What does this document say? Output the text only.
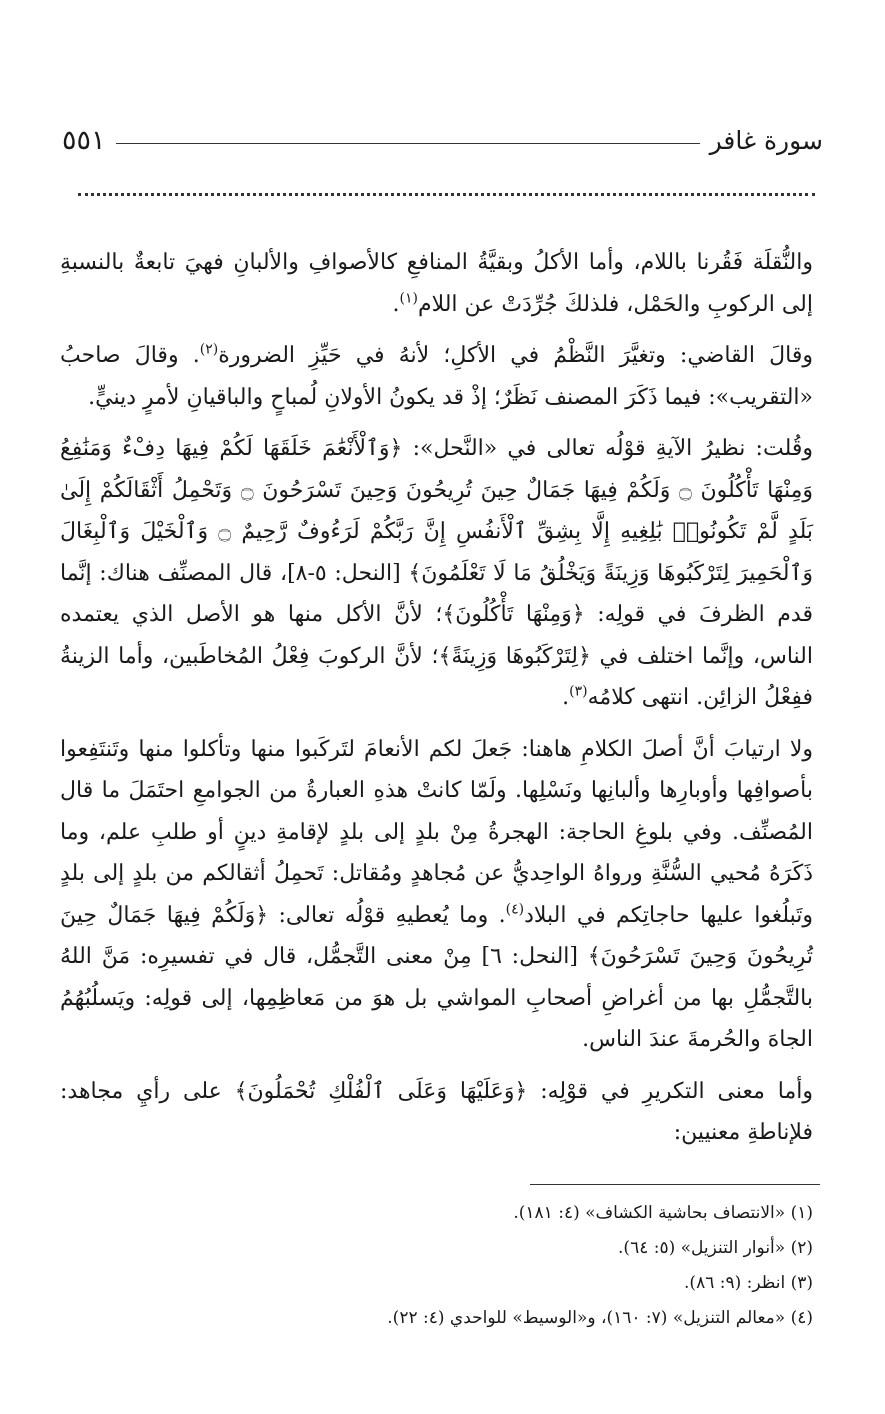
سورة غافر
٥٥١

والنُّقلَة فَقُرنا باللام، وأما الأكلُ وبقيَّةُ المنافعِ كالأصوافِ والألبانِ فهيَ تابعةٌ بالنسبةِ إلى الركوبِ والحَمْل، فلذلكَ جُرِّدَتْ عن اللام$^{(١)}$.

وقالَ القاضي: وتغيَّرَ النَّظْمُ في الأكلِ؛ لأنهُ في حَيِّزِ الضرورة$^{(٢)}$. وقالَ صاحبُ «التقريب»: فيما ذَكَرَ المصنف نَظَرٌ؛ إذْ قد يكونُ الأولانِ لُمباحٍ والباقيانِ لأمرٍ دينيٍّ.

وقُلت: نظيرُ الآيةِ قوْلُه تعالى في «النَّحل»: ﴿وَٱلْأَنْعَٰمَ خَلَقَهَا لَكُمْ فِيهَا دِفْءٌ وَمَنَٰفِعُ وَمِنْهَا تَأْكُلُونَ ۝ وَلَكُمْ فِيهَا جَمَالٌ حِينَ تُرِيحُونَ وَحِينَ تَسْرَحُونَ ۝ وَتَحْمِلُ أَثْقَالَكُمْ إِلَىٰ بَلَدٍ لَّمْ تَكُونُوا۟ بَٰلِغِيهِ إِلَّا بِشِقِّ ٱلْأَنفُسِ إِنَّ رَبَّكُمْ لَرَءُوفٌ رَّحِيمٌ ۝ وَٱلْخَيْلَ وَٱلْبِغَالَ وَٱلْحَمِيرَ لِتَرْكَبُوهَا وَزِينَةً وَيَخْلُقُ مَا لَا تَعْلَمُونَ﴾ [النحل: ٥-٨]، قال المصنِّف هناك: إنَّما قدم الظرفَ في قولِه: ﴿وَمِنْهَا تَأْكُلُونَ﴾؛ لأنَّ الأكل منها هو الأصل الذي يعتمده الناس، وإنَّما اختلف في ﴿لِتَرْكَبُوهَا وَزِينَةً﴾؛ لأنَّ الركوبَ فِعْلُ المُخاطَبين، وأما الزينةُ ففِعْلُ الزائِن. انتهى كلامُه$^{(٣)}$.

ولا ارتيابَ أنَّ أصلَ الكلامِ هاهنا: جَعلَ لكم الأنعامَ لتَركَبوا منها وتأكلوا منها وتَنتَفِعوا بأصوافِها وأوبارِها وألبانِها ونَسْلِها. ولَمّا كانتْ هذهِ العبارةُ من الجوامعِ احتَمَلَ ما قال المُصنِّف. وفي بلوغِ الحاجة: الهجرةُ مِنْ بلدٍ إلى بلدٍ لإقامةِ دينٍ أو طلبِ علم، وما ذَكَرَهُ مُحيي السُّنَّةِ ورواهُ الواحِديُّ عن مُجاهدٍ ومُقاتل: تَحمِلُ أثقالكم من بلدٍ إلى بلدٍ وتَبلُغوا عليها حاجاتِكم في البلاد$^{(٤)}$. وما يُعطيهِ قوْلُه تعالى: ﴿وَلَكُمْ فِيهَا جَمَالٌ حِينَ تُرِيحُونَ وَحِينَ تَسْرَحُونَ﴾ [النحل: ٦] مِنْ معنى التَّجمُّل، قال في تفسيرِه: مَنَّ اللهُ بالتَّجمُّلِ بها من أغراضِ أصحابِ المواشي بل هوَ من مَعاظِمِها، إلى قولِه: ويَسلُبُهُمُ الجاهَ والحُرمةَ عندَ الناس.

وأما معنى التكريرِ في قوْلِه: ﴿وَعَلَيْهَا وَعَلَى ٱلْفُلْكِ تُحْمَلُونَ﴾ على رأيِ مجاهد: فلإناطةِ معنيين:

(١) «الانتصاف بحاشية الكشاف» (٤: ١٨١).
(٢) «أنوار التنزيل» (٥: ٦٤).
(٣) انظر: (٩: ٨٦).
(٤) «معالم التنزيل» (٧: ١٦٠)، و«الوسيط» للواحدي (٤: ٢٢).
